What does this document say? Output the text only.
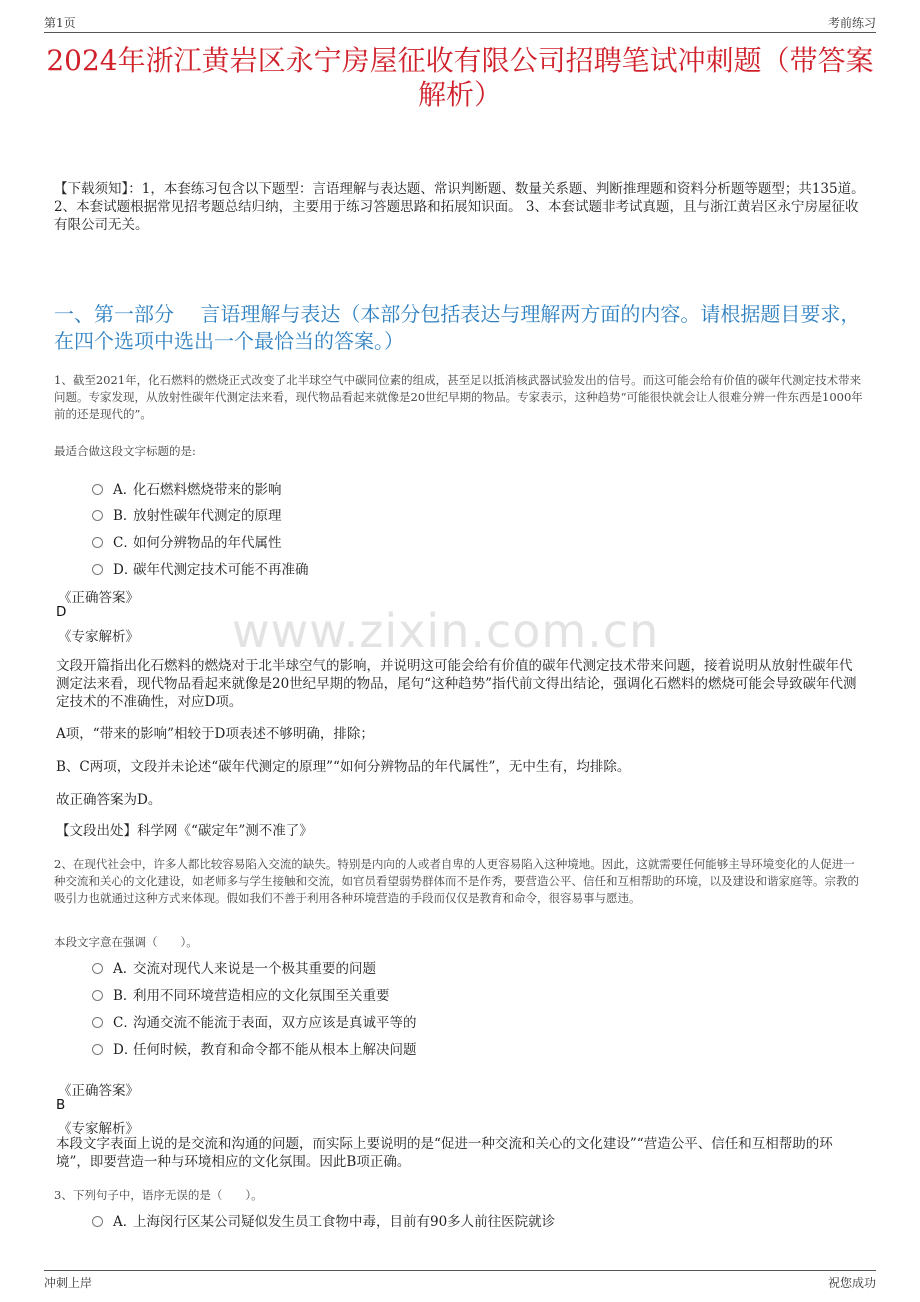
第1页	考前练习
2024年浙江黄岩区永宁房屋征收有限公司招聘笔试冲刺题（带答案解析）
【下载须知】：1，本套练习包含以下题型：言语理解与表达题、常识判断题、数量关系题、判断推理题和资料分析题等题型；共135道。 2、本套试题根据常见招考题总结归纳，主要用于练习答题思路和拓展知识面。 3、本套试题非考试真题，且与浙江黄岩区永宁房屋征收有限公司无关。
一、第一部分　 言语理解与表达（本部分包括表达与理解两方面的内容。请根据题目要求，在四个选项中选出一个最恰当的答案。）
www.zixin.com.cn
1、截至2021年，化石燃料的燃烧正式改变了北半球空气中碳同位素的组成，甚至足以抵消核武器试验发出的信号。而这可能会给有价值的碳年代测定技术带来问题。专家发现，从放射性碳年代测定法来看，现代物品看起来就像是20世纪早期的物品。专家表示，这种趋势“可能很快就会让人很难分辨一件东西是1000年前的还是现代的”。
最适合做这段文字标题的是:
A．化石燃料燃烧带来的影响
B．放射性碳年代测定的原理
C．如何分辨物品的年代属性
D．碳年代测定技术可能不再准确
《正确答案》
D
《专家解析》
文段开篇指出化石燃料的燃烧对于北半球空气的影响，并说明这可能会给有价值的碳年代测定技术带来问题，接着说明从放射性碳年代测定法来看，现代物品看起来就像是20世纪早期的物品，尾句“这种趋势”指代前文得出结论，强调化石燃料的燃烧可能会导致碳年代测定技术的不准确性，对应D项。
A项，“带来的影响”相较于D项表述不够明确，排除；
B、C两项，文段并未论述“碳年代测定的原理”“如何分辨物品的年代属性”，无中生有，均排除。
故正确答案为D。
【文段出处】科学网《“碳定年”测不准了》
2、在现代社会中，许多人都比较容易陷入交流的缺失。特别是内向的人或者自卑的人更容易陷入这种境地。因此，这就需要任何能够主导环境变化的人促进一种交流和关心的文化建设，如老师多与学生接触和交流，如官员看望弱势群体而不是作秀，要营造公平、信任和互相帮助的环境，以及建设和谐家庭等。宗教的吸引力也就通过这种方式来体现。假如我们不善于利用各种环境营造的手段而仅仅是教育和命令，很容易事与愿违。
本段文字意在强调（　　）。
A．交流对现代人来说是一个极其重要的问题
B．利用不同环境营造相应的文化氛围至关重要
C．沟通交流不能流于表面，双方应该是真诚平等的
D．任何时候，教育和命令都不能从根本上解决问题
《正确答案》
B
《专家解析》
本段文字表面上说的是交流和沟通的问题，而实际上要说明的是“促进一种交流和关心的文化建设”“营造公平、信任和互相帮助的环境”，即要营造一种与环境相应的文化氛围。因此B项正确。
3、下列句子中，语序无误的是（　　）。
A．上海闵行区某公司疑似发生员工食物中毒，目前有90多人前往医院就诊
冲刺上岸	祝您成功
